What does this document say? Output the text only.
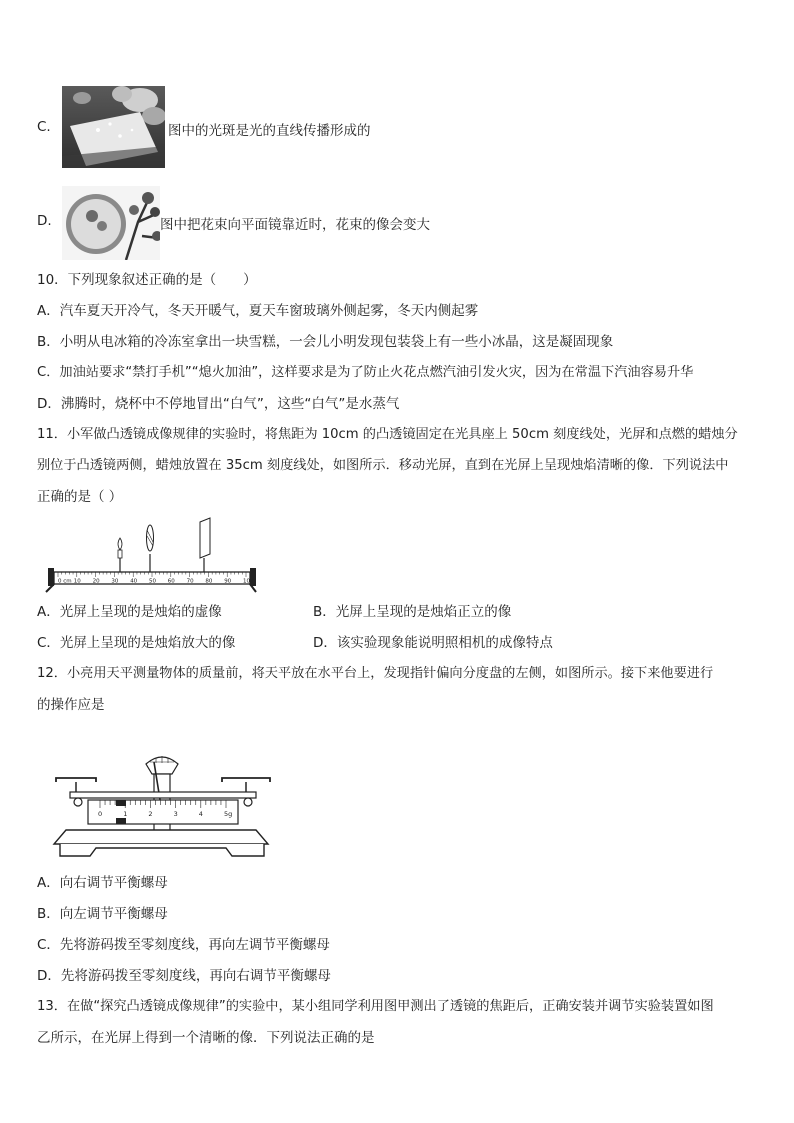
C.	图中的光斑是光的直线传播形成的
D.	图中把花束向平面镜靠近时，花束的像会变大
10．下列现象叙述正确的是（　　）
A．汽车夏天开冷气，冬天开暖气，夏天车窗玻璃外侧起雾，冬天内侧起雾
B．小明从电冰箱的冷冻室拿出一块雪糕，一会儿小明发现包装袋上有一些小冰晶，这是凝固现象
C．加油站要求“禁打手机”“熄火加油”，这样要求是为了防止火花点燃汽油引发火灾，因为在常温下汽油容易升华
D．沸腾时，烧杯中不停地冒出“白气”，这些“白气”是水蒸气
11．小军做凸透镜成像规律的实验时，将焦距为 10cm 的凸透镜固定在光具座上 50cm 刻度线处，光屏和点燃的蜡烛分
别位于凸透镜两侧，蜡烛放置在 35cm 刻度线处，如图所示．移动光屏，直到在光屏上呈现烛焰清晰的像．下列说法中
正确的是（ ）
0 cm 10 20 30 40 50 60 70 80 90 100
A．光屏上呈现的是烛焰的虚像	B．光屏上呈现的是烛焰正立的像
C．光屏上呈现的是烛焰放大的像	D．该实验现象能说明照相机的成像特点
12．小亮用天平测量物体的质量前，将天平放在水平台上，发现指针偏向分度盘的左侧，如图所示。接下来他要进行
的操作应是
0	1	2	3	4	5g
A．向右调节平衡螺母
B．向左调节平衡螺母
C．先将游码拨至零刻度线，再向左调节平衡螺母
D．先将游码拨至零刻度线，再向右调节平衡螺母
13．在做“探究凸透镜成像规律”的实验中，某小组同学利用图甲测出了透镜的焦距后，正确安装并调节实验装置如图
乙所示，在光屏上得到一个清晰的像．下列说法正确的是
